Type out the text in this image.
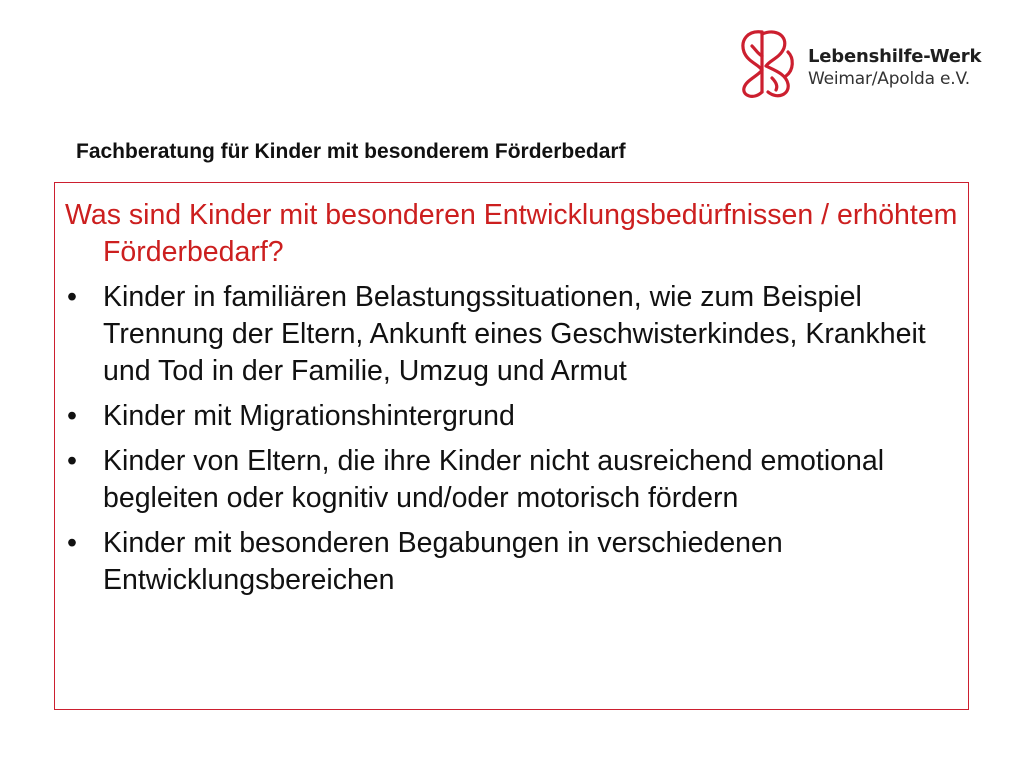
Lebenshilfe-Werk
Weimar/Apolda e.V.
Fachberatung für Kinder mit besonderem Förderbedarf

Was sind Kinder mit besonderen Entwicklungsbedürfnissen / erhöhtem Förderbedarf?

• Kinder in familiären Belastungssituationen, wie zum Beispiel Trennung der Eltern, Ankunft eines Geschwisterkindes, Krankheit und Tod in der Familie, Umzug und Armut
• Kinder mit Migrationshintergrund
• Kinder von Eltern, die ihre Kinder nicht ausreichend emotional begleiten oder kognitiv und/oder motorisch fördern
• Kinder mit besonderen Begabungen in verschiedenen Entwicklungsbereichen
